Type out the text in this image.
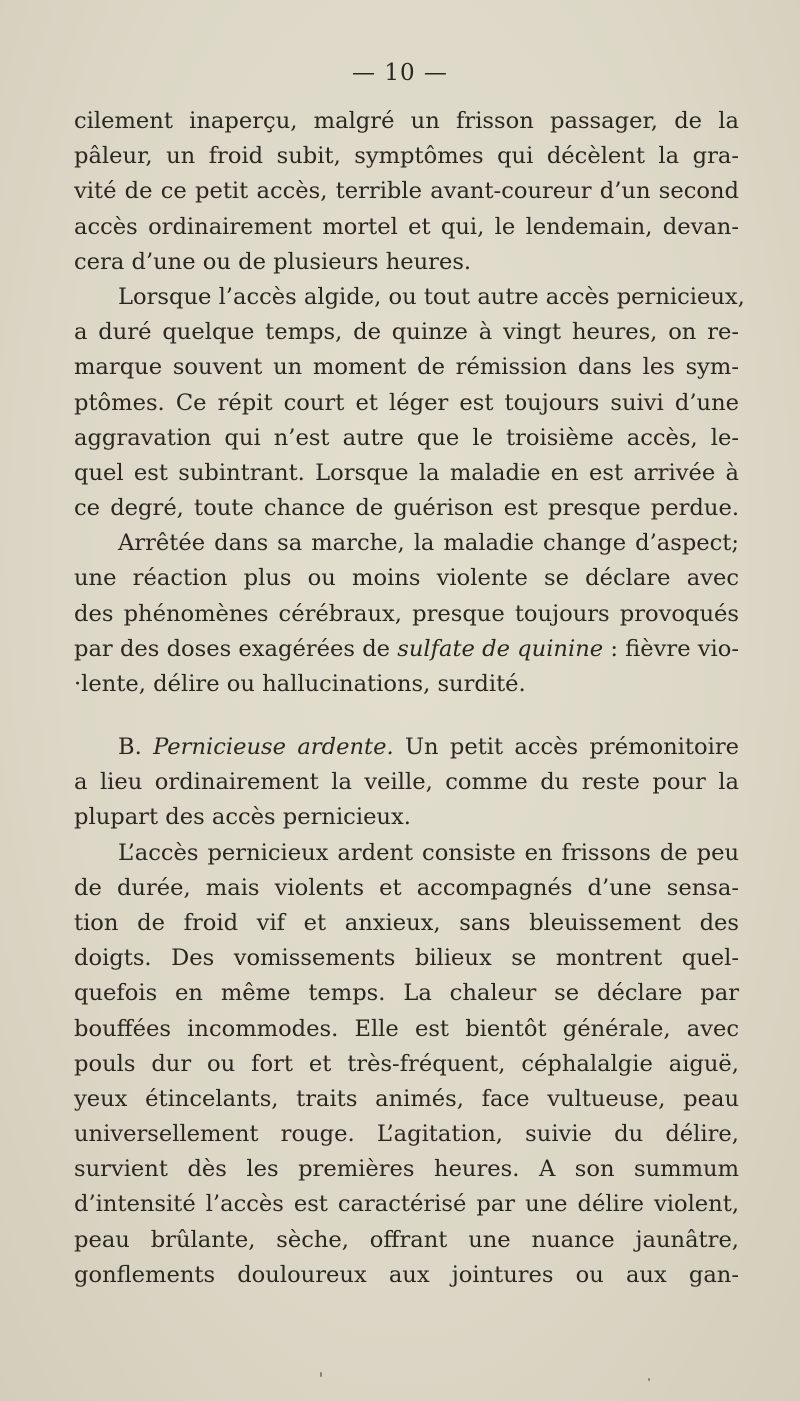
— 10 —
cilement inaperçu, malgré un frisson passager, de la
pâleur, un froid subit, symptômes qui décèlent la gra-
vité de ce petit accès, terrible avant-coureur d’un second
accès ordinairement mortel et qui, le lendemain, devan-
cera d’une ou de plusieurs heures.
Lorsque l’accès algide, ou tout autre accès pernicieux,
a duré quelque temps, de quinze à vingt heures, on re-
marque souvent un moment de rémission dans les sym-
ptômes. Ce répit court et léger est toujours suivi d’une
aggravation qui n’est autre que le troisième accès, le-
quel est subintrant. Lorsque la maladie en est arrivée à
ce degré, toute chance de guérison est presque perdue.
Arrêtée dans sa marche, la maladie change d’aspect;
une réaction plus ou moins violente se déclare avec
des phénomènes cérébraux, presque toujours provoqués
par des doses exagérées de sulfate de quinine : fièvre vio-
·lente, délire ou hallucinations, surdité.
B. Pernicieuse ardente. Un petit accès prémonitoire
a lieu ordinairement la veille, comme du reste pour la
plupart des accès pernicieux.
L’accès pernicieux ardent consiste en frissons de peu
de durée, mais violents et accompagnés d’une sensa-
tion de froid vif et anxieux, sans bleuissement des
doigts. Des vomissements bilieux se montrent quel-
quefois en même temps. La chaleur se déclare par
bouffées incommodes. Elle est bientôt générale, avec
pouls dur ou fort et très-fréquent, céphalalgie aiguë,
yeux étincelants, traits animés, face vultueuse, peau
universellement rouge. L’agitation, suivie du délire,
survient dès les premières heures. A son summum
d’intensité l’accès est caractérisé par une délire violent,
peau brûlante, sèche, offrant une nuance jaunâtre,
gonflements douloureux aux jointures ou aux gan-
